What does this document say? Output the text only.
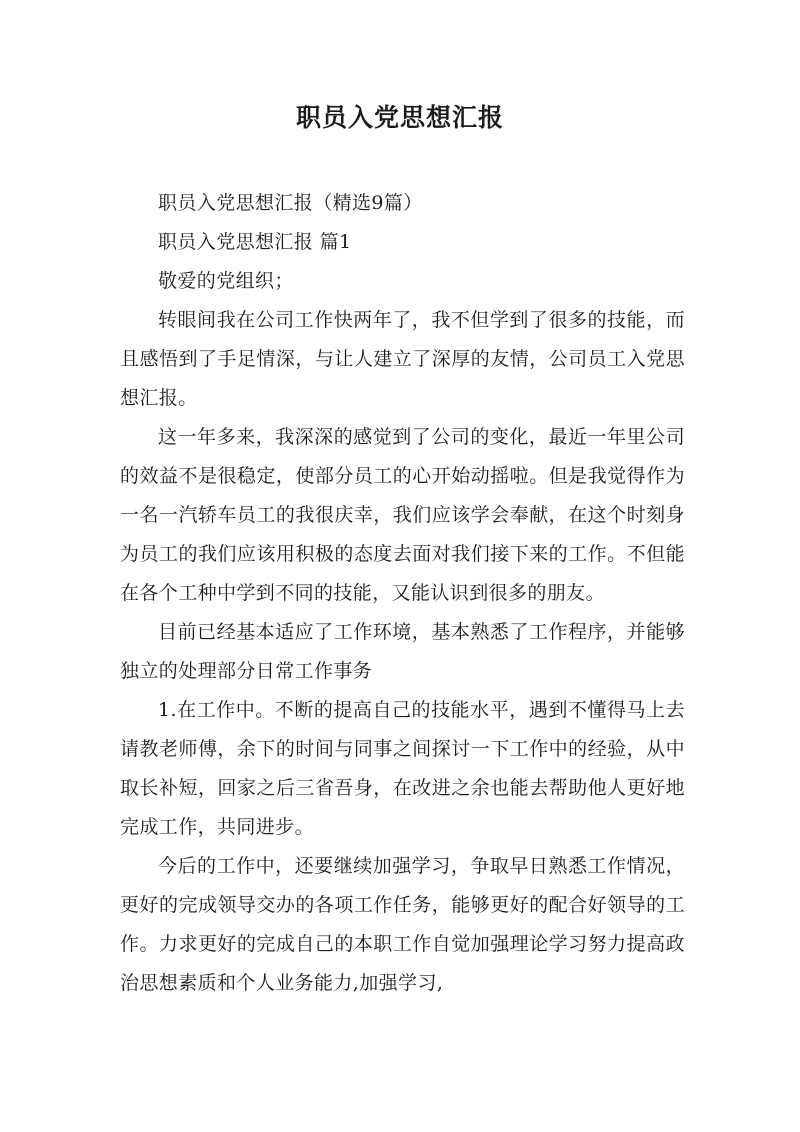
职员入党思想汇报

职员入党思想汇报（精选9篇）

职员入党思想汇报 篇1

敬爱的党组织；

转眼间我在公司工作快两年了，我不但学到了很多的技能，而且感悟到了手足情深，与让人建立了深厚的友情，公司员工入党思想汇报。

这一年多来，我深深的感觉到了公司的变化，最近一年里公司的效益不是很稳定，使部分员工的心开始动摇啦。但是我觉得作为一名一汽轿车员工的我很庆幸，我们应该学会奉献，在这个时刻身为员工的我们应该用积极的态度去面对我们接下来的工作。不但能在各个工种中学到不同的技能，又能认识到很多的朋友。

目前已经基本适应了工作环境，基本熟悉了工作程序，并能够独立的处理部分日常工作事务

1.在工作中。不断的提高自己的技能水平，遇到不懂得马上去请教老师傅，余下的时间与同事之间探讨一下工作中的经验，从中取长补短，回家之后三省吾身，在改进之余也能去帮助他人更好地完成工作，共同进步。

今后的工作中，还要继续加强学习，争取早日熟悉工作情况，更好的完成领导交办的各项工作任务，能够更好的配合好领导的工作。力求更好的完成自己的本职工作自觉加强理论学习努力提高政治思想素质和个人业务能力,加强学习,
